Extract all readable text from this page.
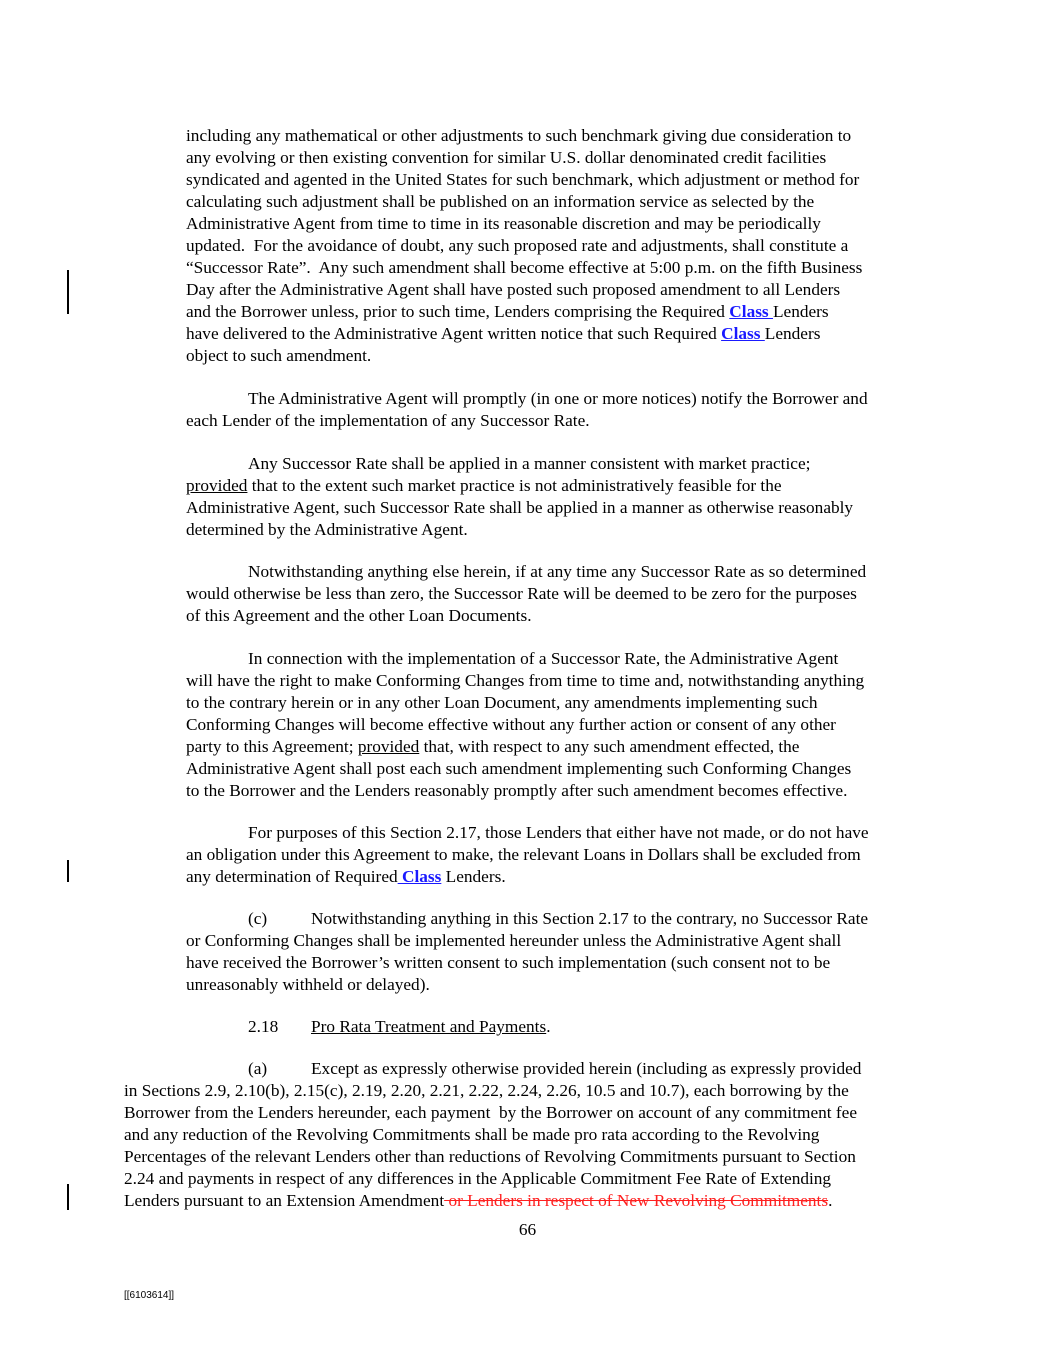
including any mathematical or other adjustments to such benchmark giving due consideration to
any evolving or then existing convention for similar U.S. dollar denominated credit facilities
syndicated and agented in the United States for such benchmark, which adjustment or method for
calculating such adjustment shall be published on an information service as selected by the
Administrative Agent from time to time in its reasonable discretion and may be periodically
updated.  For the avoidance of doubt, any such proposed rate and adjustments, shall constitute a
“Successor Rate”.  Any such amendment shall become effective at 5:00 p.m. on the fifth Business
Day after the Administrative Agent shall have posted such proposed amendment to all Lenders
and the Borrower unless, prior to such time, Lenders comprising the Required Class Lenders
have delivered to the Administrative Agent written notice that such Required Class Lenders
object to such amendment.
The Administrative Agent will promptly (in one or more notices) notify the Borrower and
each Lender of the implementation of any Successor Rate.
Any Successor Rate shall be applied in a manner consistent with market practice;
provided that to the extent such market practice is not administratively feasible for the
Administrative Agent, such Successor Rate shall be applied in a manner as otherwise reasonably
determined by the Administrative Agent.
Notwithstanding anything else herein, if at any time any Successor Rate as so determined
would otherwise be less than zero, the Successor Rate will be deemed to be zero for the purposes
of this Agreement and the other Loan Documents.
In connection with the implementation of a Successor Rate, the Administrative Agent
will have the right to make Conforming Changes from time to time and, notwithstanding anything
to the contrary herein or in any other Loan Document, any amendments implementing such
Conforming Changes will become effective without any further action or consent of any other
party to this Agreement; provided that, with respect to any such amendment effected, the
Administrative Agent shall post each such amendment implementing such Conforming Changes
to the Borrower and the Lenders reasonably promptly after such amendment becomes effective.
For purposes of this Section 2.17, those Lenders that either have not made, or do not have
an obligation under this Agreement to make, the relevant Loans in Dollars shall be excluded from
any determination of Required Class Lenders.
(c)	Notwithstanding anything in this Section 2.17 to the contrary, no Successor Rate
or Conforming Changes shall be implemented hereunder unless the Administrative Agent shall
have received the Borrower’s written consent to such implementation (such consent not to be
unreasonably withheld or delayed).
2.18 Pro Rata Treatment and Payments.
(a)	Except as expressly otherwise provided herein (including as expressly provided
in Sections 2.9, 2.10(b), 2.15(c), 2.19, 2.20, 2.21, 2.22, 2.24, 2.26, 10.5 and 10.7), each borrowing by the
Borrower from the Lenders hereunder, each payment  by the Borrower on account of any commitment fee
and any reduction of the Revolving Commitments shall be made pro rata according to the Revolving
Percentages of the relevant Lenders other than reductions of Revolving Commitments pursuant to Section
2.24 and payments in respect of any differences in the Applicable Commitment Fee Rate of Extending
Lenders pursuant to an Extension Amendment or Lenders in respect of New Revolving Commitments.
66
[[6103614]]
